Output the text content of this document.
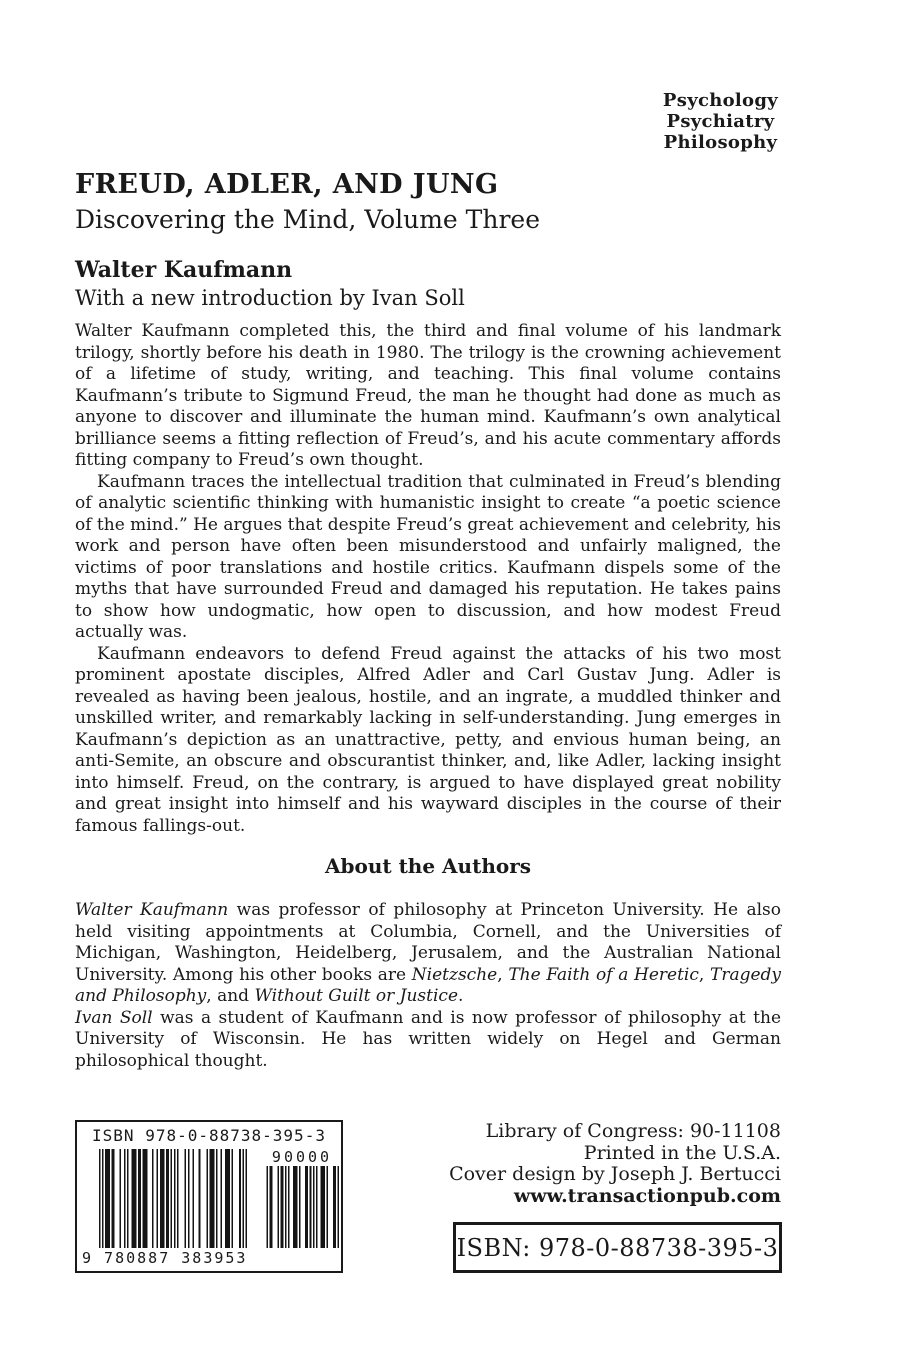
Psychology
Psychiatry
Philosophy
FREUD, ADLER, AND JUNG
Discovering the Mind, Volume Three
Walter Kaufmann
With a new introduction by Ivan Soll

Walter Kaufmann completed this, the third and final volume of his landmark trilogy, shortly before his death in 1980. The trilogy is the crowning achievement of a lifetime of study, writing, and teaching. This final volume contains Kaufmann’s tribute to Sigmund Freud, the man he thought had done as much as anyone to discover and illuminate the human mind. Kaufmann’s own analytical brilliance seems a fitting reflection of Freud’s, and his acute commentary affords fitting company to Freud’s own thought.

Kaufmann traces the intellectual tradition that culminated in Freud’s blending of analytic scientific thinking with humanistic insight to create “a poetic science of the mind.” He argues that despite Freud’s great achievement and celebrity, his work and person have often been misunderstood and unfairly maligned, the victims of poor translations and hostile critics. Kaufmann dispels some of the myths that have surrounded Freud and damaged his reputation. He takes pains to show how undogmatic, how open to discussion, and how modest Freud actually was.

Kaufmann endeavors to defend Freud against the attacks of his two most prominent apostate disciples, Alfred Adler and Carl Gustav Jung. Adler is revealed as having been jealous, hostile, and an ingrate, a muddled thinker and unskilled writer, and remarkably lacking in self-understanding. Jung emerges in Kaufmann’s depiction as an unattractive, petty, and envious human being, an anti-Semite, an obscure and obscurantist thinker, and, like Adler, lacking insight into himself. Freud, on the contrary, is argued to have displayed great nobility and great insight into himself and his wayward disciples in the course of their famous fallings-out.

About the Authors

Walter Kaufmann was professor of philosophy at Princeton University. He also held visiting appointments at Columbia, Cornell, and the Universities of Michigan, Washington, Heidelberg, Jerusalem, and the Australian National University. Among his other books are Nietzsche, The Faith of a Heretic, Tragedy and Philosophy, and Without Guilt or Justice.

Ivan Soll was a student of Kaufmann and is now professor of philosophy at the University of Wisconsin. He has written widely on Hegel and German philosophical thought.

ISBN 978-0-88738-395-3
9 780887 383953
90000
Library of Congress: 90-11108
Printed in the U.S.A.
Cover design by Joseph J. Bertucci
www.transactionpub.com
ISBN: 978-0-88738-395-3
